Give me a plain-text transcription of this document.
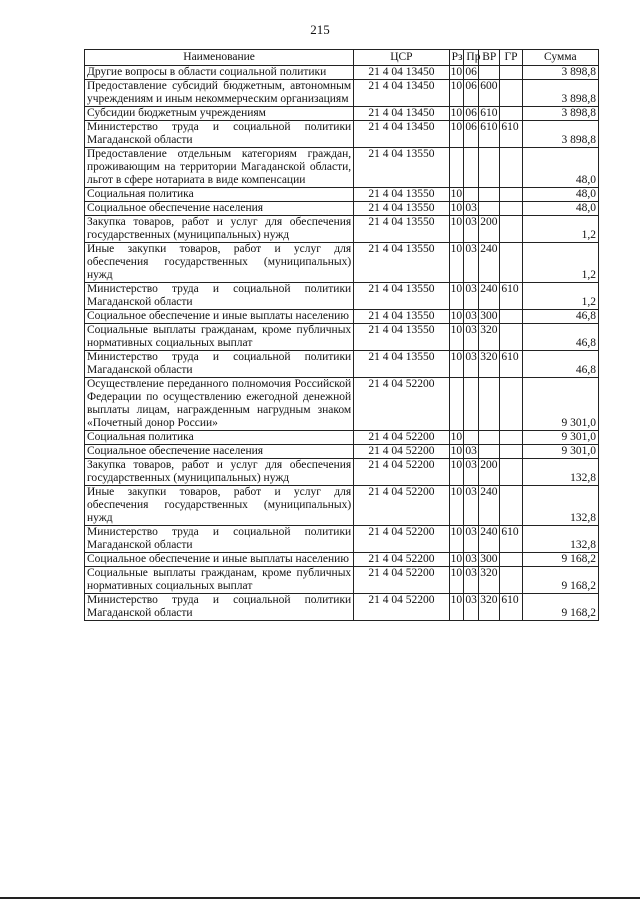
215
Наименование	ЦСР	Рз	Пр	ВР	ГР	Сумма
Другие вопросы в области социальной политики	21 4 04 13450	10	06			3 898,8
Предоставление субсидий бюджетным, автономным учреждениям и иным некоммерческим организациям	21 4 04 13450	10	06	600		3 898,8
Субсидии бюджетным учреждениям	21 4 04 13450	10	06	610		3 898,8
Министерство труда и социальной политики Магаданской области	21 4 04 13450	10	06	610	610	3 898,8
Предоставление отдельным категориям граждан, проживающим на территории Магаданской области, льгот в сфере нотариата в виде компенсации	21 4 04 13550					48,0
Социальная политика	21 4 04 13550	10				48,0
Социальное обеспечение населения	21 4 04 13550	10	03			48,0
Закупка товаров, работ и услуг для обеспечения государственных (муниципальных) нужд	21 4 04 13550	10	03	200		1,2
Иные закупки товаров, работ и услуг для обеспечения государственных (муниципальных) нужд	21 4 04 13550	10	03	240		1,2
Министерство труда и социальной политики Магаданской области	21 4 04 13550	10	03	240	610	1,2
Социальное обеспечение и иные выплаты населению	21 4 04 13550	10	03	300		46,8
Социальные выплаты гражданам, кроме публичных нормативных социальных выплат	21 4 04 13550	10	03	320		46,8
Министерство труда и социальной политики Магаданской области	21 4 04 13550	10	03	320	610	46,8
Осуществление переданного полномочия Российской Федерации по осуществлению ежегодной денежной выплаты лицам, награжденным нагрудным знаком «Почетный донор России»	21 4 04 52200					9 301,0
Социальная политика	21 4 04 52200	10				9 301,0
Социальное обеспечение населения	21 4 04 52200	10	03			9 301,0
Закупка товаров, работ и услуг для обеспечения государственных (муниципальных) нужд	21 4 04 52200	10	03	200		132,8
Иные закупки товаров, работ и услуг для обеспечения государственных (муниципальных) нужд	21 4 04 52200	10	03	240		132,8
Министерство труда и социальной политики Магаданской области	21 4 04 52200	10	03	240	610	132,8
Социальное обеспечение и иные выплаты населению	21 4 04 52200	10	03	300		9 168,2
Социальные выплаты гражданам, кроме публичных нормативных социальных выплат	21 4 04 52200	10	03	320		9 168,2
Министерство труда и социальной политики Магаданской области	21 4 04 52200	10	03	320	610	9 168,2
